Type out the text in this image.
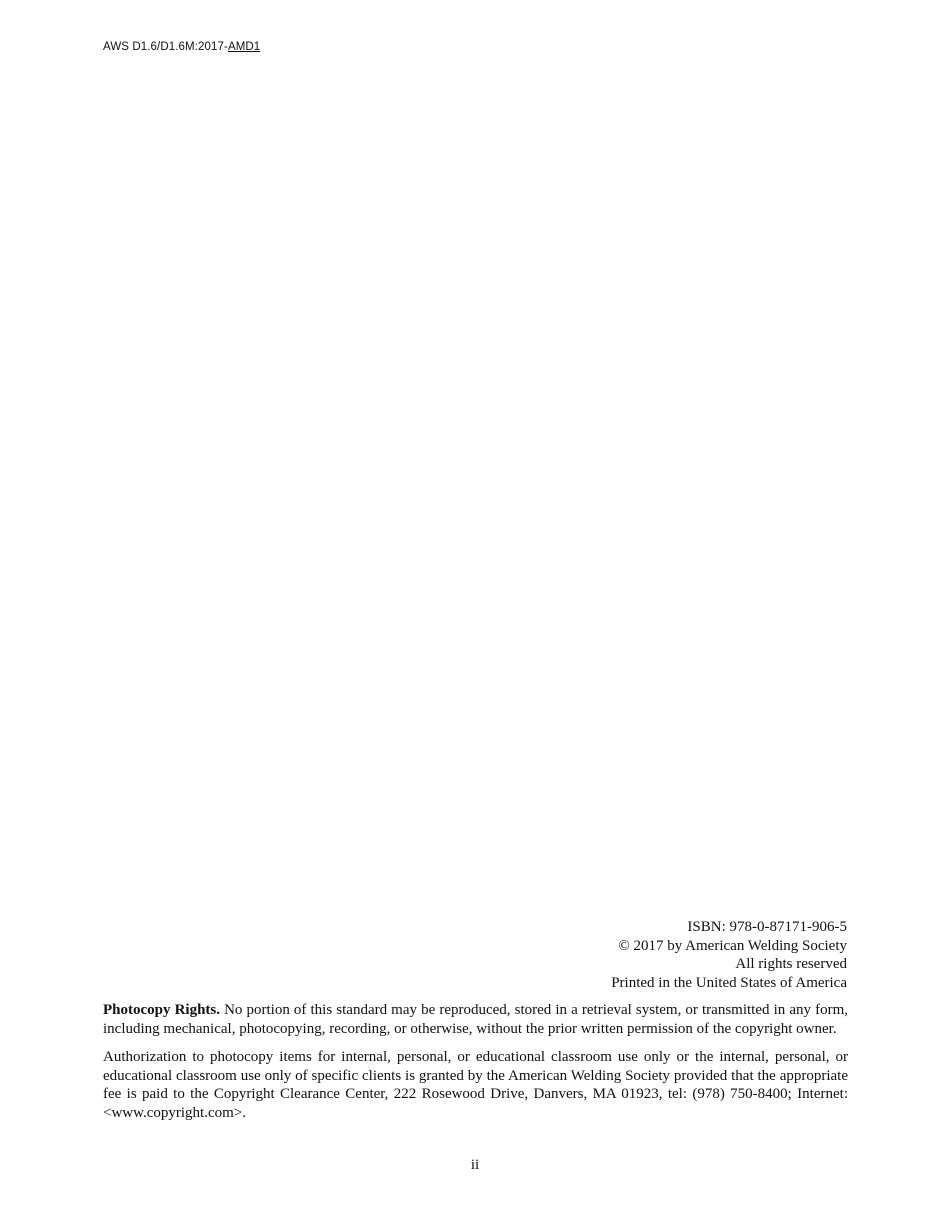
AWS D1.6/D1.6M:2017-AMD1
ISBN: 978-0-87171-906-5
© 2017 by American Welding Society
All rights reserved
Printed in the United States of America

Photocopy Rights. No portion of this standard may be reproduced, stored in a retrieval system, or transmitted in any form, including mechanical, photocopying, recording, or otherwise, without the prior written permission of the copyright owner.

Authorization to photocopy items for internal, personal, or educational classroom use only or the internal, personal, or educational classroom use only of specific clients is granted by the American Welding Society provided that the appropriate fee is paid to the Copyright Clearance Center, 222 Rosewood Drive, Danvers, MA 01923, tel: (978) 750-8400; Internet: <www.copyright.com>.

ii
